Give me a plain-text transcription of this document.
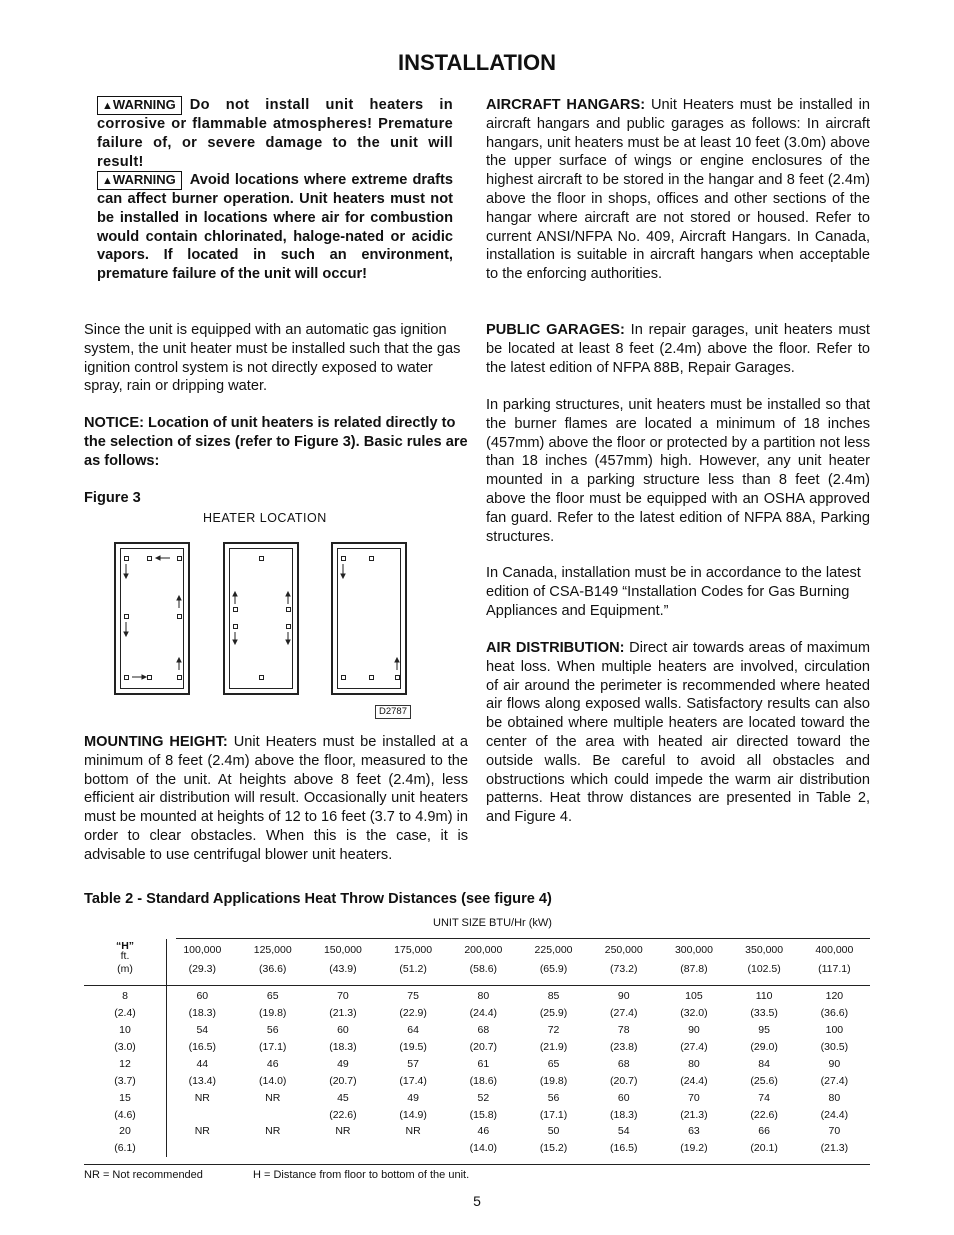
INSTALLATION
▲WARNING Do not install unit heaters in corrosive or flammable atmospheres! Premature failure of, or severe damage to the unit will result!
▲WARNING Avoid locations where extreme drafts can affect burner operation. Unit heaters must not be installed in locations where air for combustion would contain chlorinated, haloge-nated or acidic vapors. If located in such an environment, premature failure of the unit will occur!
Since the unit is equipped with an automatic gas ignition system, the unit heater must be installed such that the gas ignition control system is not directly exposed to water spray, rain or dripping water.
NOTICE: Location of unit heaters is related directly to the selection of sizes (refer to Figure 3). Basic rules are as follows:
Figure 3
HEATER LOCATION
D2787
MOUNTING HEIGHT: Unit Heaters must be installed at a minimum of 8 feet (2.4m) above the floor, measured to the bottom of the unit. At heights above 8 feet (2.4m), less efficient air distribution will result. Occasionally unit heaters must be mounted at heights of 12 to 16 feet (3.7 to 4.9m) in order to clear obstacles. When this is the case, it is advisable to use centrifugal blower unit heaters.
AIRCRAFT HANGARS: Unit Heaters must be installed in aircraft hangars and public garages as follows: In aircraft hangars, unit heaters must be at least 10 feet (3.0m) above the upper surface of wings or engine enclosures of the highest aircraft to be stored in the hangar and 8 feet (2.4m) above the floor in shops, offices and other sections of the hangar where aircraft are not stored or housed. Refer to current ANSI/NFPA No. 409, Aircraft Hangars. In Canada, installation is suitable in aircraft hangars when acceptable to the enforcing authorities.
PUBLIC GARAGES: In repair garages, unit heaters must be located at least 8 feet (2.4m) above the floor. Refer to the latest edition of NFPA 88B, Repair Garages.
In parking structures, unit heaters must be installed so that the burner flames are located a minimum of 18 inches (457mm) above the floor or protected by a partition not less than 18 inches (457mm) high. However, any unit heater mounted in a parking structure less than 8 feet (2.4m) above the floor must be equipped with an OSHA approved fan guard. Refer to the latest edition of NFPA 88A, Parking structures.
In Canada, installation must be in accordance to the latest edition of CSA-B149 “Installation Codes for Gas Burning Appliances and Equipment.”
AIR DISTRIBUTION: Direct air towards areas of maximum heat loss. When multiple heaters are involved, circulation of air around the perimeter is recommended where heated air flows along exposed walls. Satisfactory results can also be obtained where multiple heaters are located toward the center of the area with heated air directed toward the outside walls. Be careful to avoid all obstacles and obstructions which could impede the warm air distribution patterns. Heat throw distances are presented in Table 2, and Figure 4.
Table 2 - Standard Applications Heat Throw Distances (see figure 4)
UNIT SIZE BTU/Hr (kW)
“H”
ft.	100,000	125,000	150,000	175,000	200,000	225,000	250,000	300,000	350,000	400,000
(m)	(29.3)	(36.6)	(43.9)	(51.2)	(58.6)	(65.9)	(73.2)	(87.8)	(102.5)	(117.1)

8	60	65	70	75	80	85	90	105	110	120
(2.4)	(18.3)	(19.8)	(21.3)	(22.9)	(24.4)	(25.9)	(27.4)	(32.0)	(33.5)	(36.6)
10	54	56	60	64	68	72	78	90	95	100
(3.0)	(16.5)	(17.1)	(18.3)	(19.5)	(20.7)	(21.9)	(23.8)	(27.4)	(29.0)	(30.5)
12	44	46	49	57	61	65	68	80	84	90
(3.7)	(13.4)	(14.0)	(20.7)	(17.4)	(18.6)	(19.8)	(20.7)	(24.4)	(25.6)	(27.4)
15	NR	NR	45	49	52	56	60	70	74	80
(4.6)			(22.6)	(14.9)	(15.8)	(17.1)	(18.3)	(21.3)	(22.6)	(24.4)
20	NR	NR	NR	NR	46	50	54	63	66	70
(6.1)					(14.0)	(15.2)	(16.5)	(19.2)	(20.1)	(21.3)
NR = Not recommended	H = Distance from floor to bottom of the unit.
5
